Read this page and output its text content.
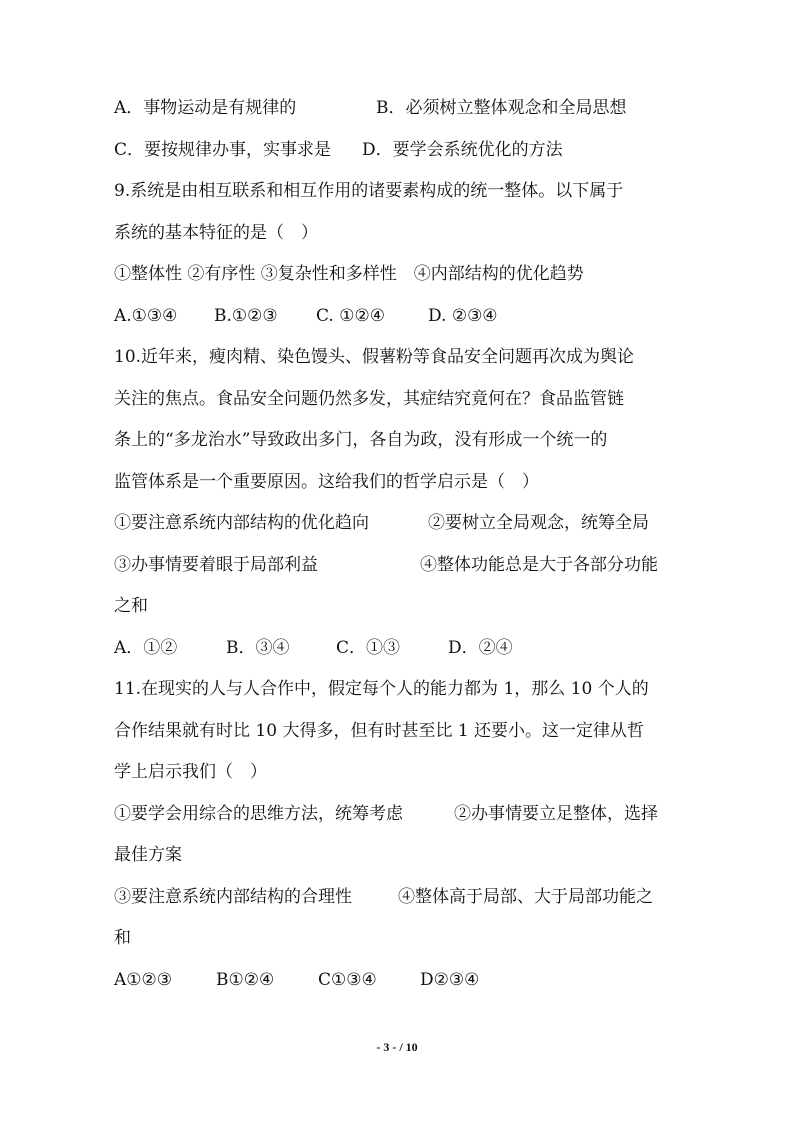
A．事物运动是有规律的	B．必须树立整体观念和全局思想
C．要按规律办事，实事求是 D．要学会系统优化的方法
9.系统是由相互联系和相互作用的诸要素构成的统一整体。以下属于
系统的基本特征的是（　）
①整体性 ②有序性 ③复杂性和多样性　④内部结构的优化趋势
A.①③④ B.①②③ C. ①②④	D. ②③④
10.近年来，瘦肉精、染色馒头、假薯粉等食品安全问题再次成为舆论
关注的焦点。食品安全问题仍然多发，其症结究竟何在？食品监管链
条上的“多龙治水”导致政出多门，各自为政，没有形成一个统一的
监管体系是一个重要原因。这给我们的哲学启示是（　）
①要注意系统内部结构的优化趋向	②要树立全局观念，统筹全局
③办事情要着眼于局部利益	④整体功能总是大于各部分功能
之和
A．①②	B．③④	C．①③	D．②④
11.在现实的人与人合作中，假定每个人的能力都为 1，那么 10 个人的
合作结果就有时比 10 大得多，但有时甚至比 1 还要小。这一定律从哲
学上启示我们（　）
①要学会用综合的思维方法，统筹考虑	②办事情要立足整体，选择
最佳方案
③要注意系统内部结构的合理性	④整体高于局部、大于局部功能之
和
A①②③	B①②④	C①③④	D②③④
- 3 - / 10
